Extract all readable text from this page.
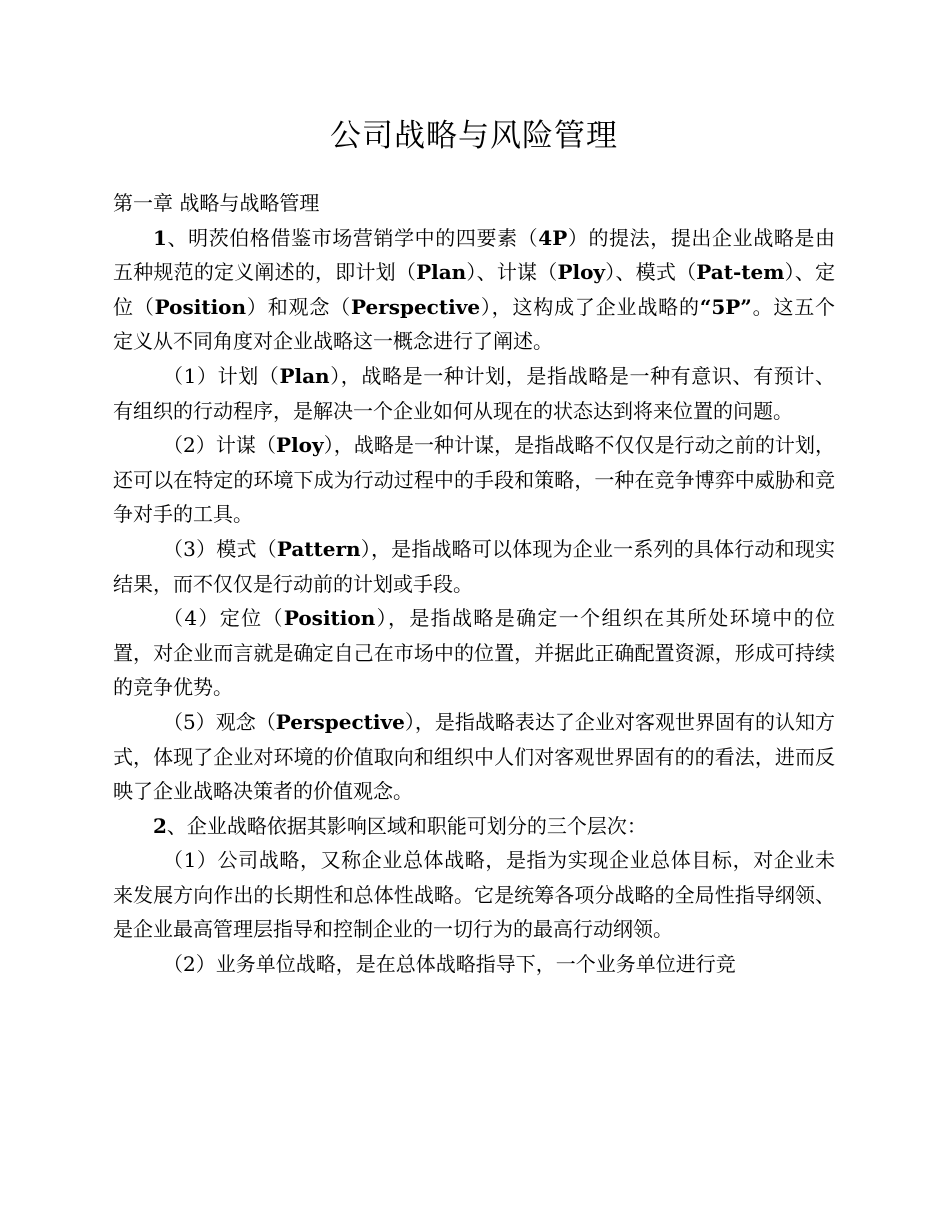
公司战略与风险管理

第一章 战略与战略管理

1、明茨伯格借鉴市场营销学中的四要素（4P）的提法，提出企业战略是由五种规范的定义阐述的，即计划（Plan）、计谋（Ploy）、模式（Pat-tem）、定位（Position）和观念（Perspective），这构成了企业战略的“5P”。这五个定义从不同角度对企业战略这一概念进行了阐述。

（1）计划（Plan），战略是一种计划，是指战略是一种有意识、有预计、有组织的行动程序，是解决一个企业如何从现在的状态达到将来位置的问题。

（2）计谋（Ploy），战略是一种计谋，是指战略不仅仅是行动之前的计划，还可以在特定的环境下成为行动过程中的手段和策略，一种在竞争博弈中威胁和竞争对手的工具。

（3）模式（Pattern），是指战略可以体现为企业一系列的具体行动和现实结果，而不仅仅是行动前的计划或手段。

（4）定位（Position），是指战略是确定一个组织在其所处环境中的位置，对企业而言就是确定自己在市场中的位置，并据此正确配置资源，形成可持续的竞争优势。

（5）观念（Perspective），是指战略表达了企业对客观世界固有的认知方式，体现了企业对环境的价值取向和组织中人们对客观世界固有的的看法，进而反映了企业战略决策者的价值观念。

2、企业战略依据其影响区域和职能可划分的三个层次：

（1）公司战略，又称企业总体战略，是指为实现企业总体目标，对企业未来发展方向作出的长期性和总体性战略。它是统筹各项分战略的全局性指导纲领、是企业最高管理层指导和控制企业的一切行为的最高行动纲领。

（2）业务单位战略，是在总体战略指导下，一个业务单位进行竞
